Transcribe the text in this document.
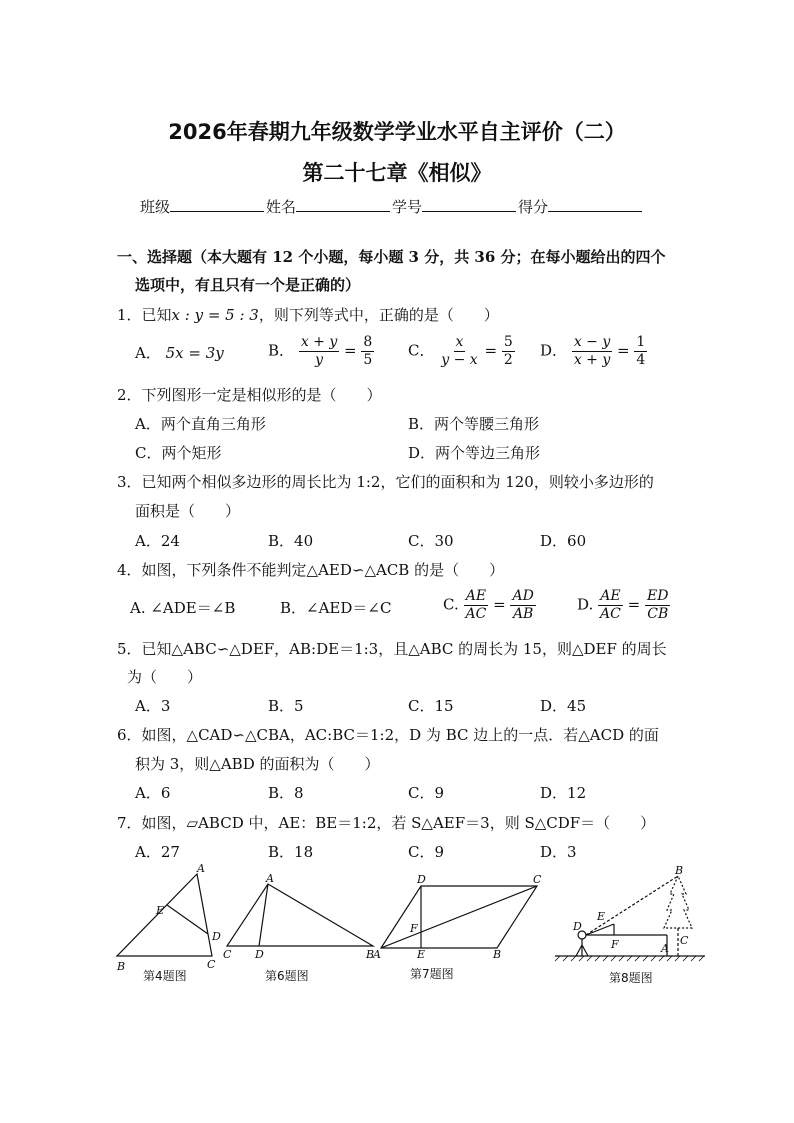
2026年春期九年级数学学业水平自主评价（二）
第二十七章《相似》
班级	姓名	学号	得分
一、选择题（本大题有 12 个小题，每小题 3 分，共 36 分；在每小题给出的四个
选项中，有且只有一个是正确的）
1．已知x : y = 5 : 3，则下列等式中，正确的是（　　）
A． 5x = 3y	B． $\frac{x + y}{y} = \frac{8}{5}$ C． $\frac{x}{y - x} = \frac{5}{2}$ D． $\frac{x - y}{x + y} = \frac{1}{4}$
2．下列图形一定是相似形的是（　　）
A．两个直角三角形	B．两个等腰三角形
C．两个矩形	D．两个等边三角形
3．已知两个相似多边形的周长比为 1:2，它们的面积和为 120，则较小多边形的
面积是（　　）
A．24	B．40	C．30	D．60
4．如图，下列条件不能判定△AED∽△ACB 的是（　　）
A. ∠ADE＝∠B	B．∠AED＝∠C	C. $\frac{AE}{AC} = \frac{AD}{AB}$	D. $\frac{AE}{AC} = \frac{ED}{CB}$
5．已知△ABC∽△DEF，AB:DE＝1:3，且△ABC 的周长为 15，则△DEF 的周长
为（　　）
A．3	B．5	C．15	D．45
6．如图，△CAD∽△CBA，AC:BC＝1:2，D 为 BC 边上的一点．若△ACD 的面
积为 3，则△ABD 的面积为（　　）
A．6	B．8	C．9	D．12
7．如图，▱ABCD 中，AE：BE＝1:2，若 S△AEF＝3，则 S△CDF＝（　　）
A．27	B．18	C．9	D．3
A
E
D
B	C
第4题图
A
C D	B
第6题图
D	C
F
A	E	B
第7题图
B
D
E
F	A
C
第8题图
